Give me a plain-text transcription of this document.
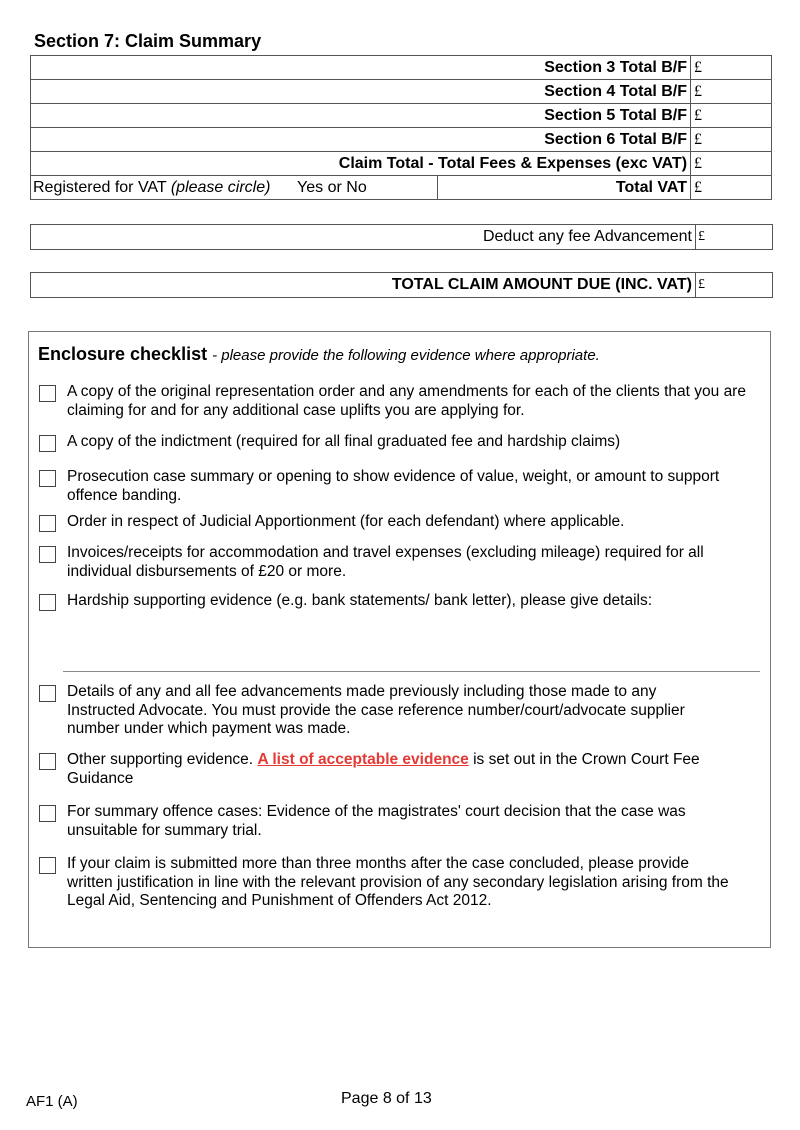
Section 7: Claim Summary
Section 3 Total B/F		£
Section 4 Total B/F		£
Section 5 Total B/F		£
Section 6 Total B/F		£
Claim Total - Total Fees & Expenses (exc VAT)		£
Registered for VAT (please circle) Yes or No	Total VAT	£
Deduct any fee Advancement £
TOTAL CLAIM AMOUNT DUE (INC. VAT) £
Enclosure checklist - please provide the following evidence where appropriate.
A copy of the original representation order and any amendments for each of the clients that you are claiming for and for any additional case uplifts you are applying for.
A copy of the indictment (required for all final graduated fee and hardship claims)
Prosecution case summary or opening to show evidence of value, weight, or amount to support offence banding.
Order in respect of Judicial Apportionment (for each defendant) where applicable.
Invoices/receipts for accommodation and travel expenses (excluding mileage) required for all individual disbursements of £20 or more.
Hardship supporting evidence (e.g. bank statements/ bank letter), please give details:
Details of any and all fee advancements made previously including those made to any Instructed Advocate. You must provide the case reference number/court/advocate supplier number under which payment was made.
Other supporting evidence. A list of acceptable evidence is set out in the Crown Court Fee Guidance
For summary offence cases: Evidence of the magistrates' court decision that the case was unsuitable for summary trial.
If your claim is submitted more than three months after the case concluded, please provide written justification in line with the relevant provision of any secondary legislation arising from the Legal Aid, Sentencing and Punishment of Offenders Act 2012.
AF1 (A)	Page 8 of 13
